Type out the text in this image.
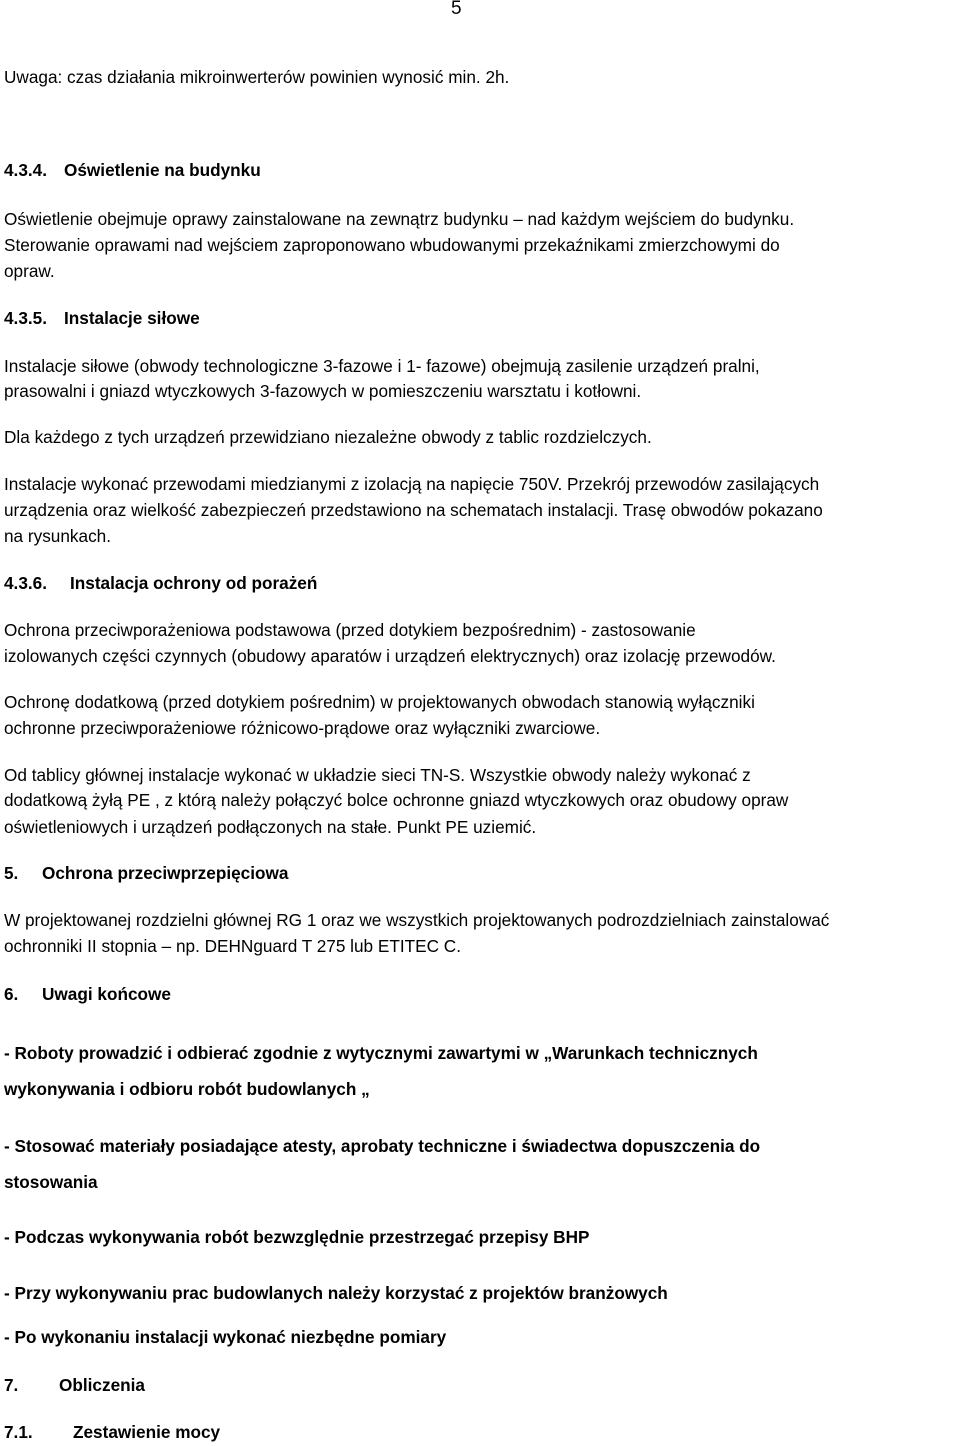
5

Uwaga: czas działania mikroinwerterów powinien wynosić min. 2h.

4.3.4. Oświetlenie na budynku

Oświetlenie obejmuje oprawy zainstalowane na zewnątrz budynku – nad każdym wejściem do budynku.

Sterowanie oprawami nad wejściem zaproponowano wbudowanymi przekaźnikami zmierzchowymi do

opraw.

4.3.5. Instalacje siłowe

Instalacje siłowe (obwody technologiczne 3-fazowe i 1- fazowe) obejmują zasilenie urządzeń pralni,

prasowalni i gniazd wtyczkowych 3-fazowych w pomieszczeniu warsztatu i kotłowni.

Dla każdego z tych urządzeń przewidziano niezależne obwody z tablic rozdzielczych.

Instalacje wykonać przewodami miedzianymi z izolacją na napięcie 750V. Przekrój przewodów zasilających

urządzenia oraz wielkość zabezpieczeń przedstawiono na schematach instalacji. Trasę obwodów pokazano

na rysunkach.

4.3.6. Instalacja ochrony od porażeń

Ochrona przeciwporażeniowa podstawowa (przed dotykiem bezpośrednim) - zastosowanie

izolowanych części czynnych (obudowy aparatów i urządzeń elektrycznych) oraz izolację przewodów.

Ochronę dodatkową (przed dotykiem pośrednim) w projektowanych obwodach stanowią wyłączniki

ochronne przeciwporażeniowe różnicowo-prądowe oraz wyłączniki zwarciowe.

Od tablicy głównej instalacje wykonać w układzie sieci TN-S. Wszystkie obwody należy wykonać z

dodatkową żyłą PE , z którą należy połączyć bolce ochronne gniazd wtyczkowych oraz obudowy opraw

oświetleniowych i urządzeń podłączonych na stałe. Punkt PE uziemić.

5. Ochrona przeciwprzepięciowa

W projektowanej rozdzielni głównej RG 1 oraz we wszystkich projektowanych podrozdzielniach zainstalować

ochronniki II stopnia – np. DEHNguard T 275 lub ETITEC C.

6. Uwagi końcowe

- Roboty prowadzić i odbierać zgodnie z wytycznymi zawartymi w „Warunkach technicznych

wykonywania i odbioru robót budowlanych „

- Stosować materiały posiadające atesty, aprobaty techniczne i świadectwa dopuszczenia do

stosowania

- Podczas wykonywania robót bezwzględnie przestrzegać przepisy BHP

- Przy wykonywaniu prac budowlanych należy korzystać z projektów branżowych

- Po wykonaniu instalacji wykonać niezbędne pomiary

7. Obliczenia

7.1. Zestawienie mocy
